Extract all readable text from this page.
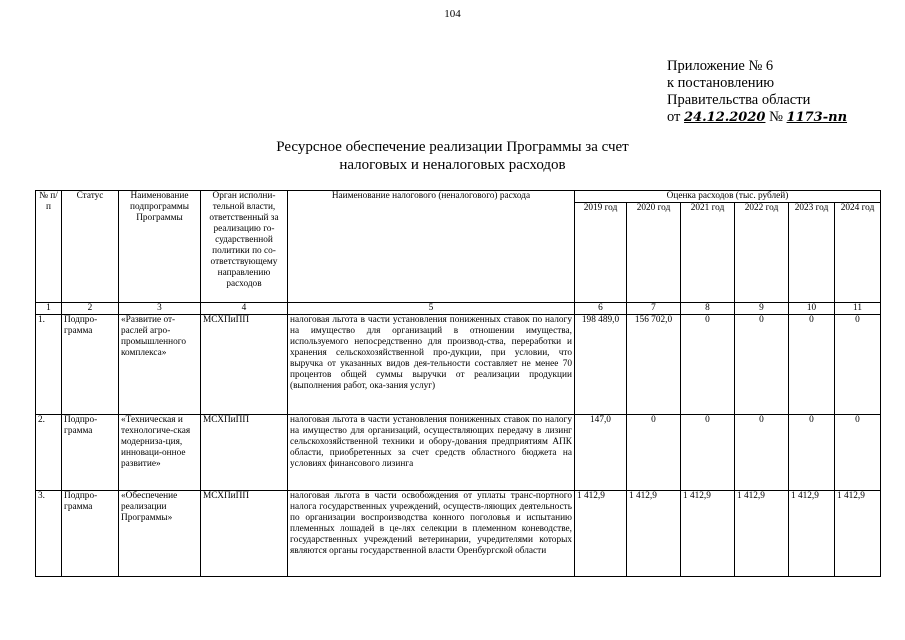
104
Приложение № 6
к постановлению
Правительства области
от 24.12.2020 № 1173-пп
Ресурсное обеспечение реализации Программы за счет
налоговых и неналоговых расходов
№ п/п	Статус	Наименование подпрограммы Программы	Орган исполни-тельной власти, ответственный за реализацию го-сударственной политики по со-ответствующему направлению расходов	Наименование налогового (неналогового) расхода	Оценка расходов (тыс. рублей)					
					2019 год	2020 год	2021 год	2022 год	2023 год	2024 год
1	2	3	4	5	6	7	8	9	10	11
1.	Подпро-грамма	«Развитие от-раслей агро-промышленного комплекса»	МСХПиПП	налоговая льгота в части установления пониженных ставок по налогу на имущество для организаций в отношении имущества, используемого непосредственно для производ-ства, переработки и хранения сельскохозяйственной про-дукции, при условии, что выручка от указанных видов дея-тельности составляет не менее 70 процентов общей суммы выручки от реализации продукции (выполнения работ, ока-зания услуг)	198 489,0	156 702,0	0	0	0	0
2.	Подпро-грамма	«Техническая и технологиче-ская модерниза-ция, инноваци-онное развитие»	МСХПиПП	налоговая льгота в части установления пониженных ставок по налогу на имущество для организаций, осуществляющих передачу в лизинг сельскохозяйственной техники и обору-дования предприятиям АПК области, приобретенных за счет средств областного бюджета на условиях финансового лизинга	147,0	0	0	0	0	0
3.	Подпро-грамма	«Обеспечение реализации Программы»	МСХПиПП	налоговая льгота в части освобождения от уплаты транс-портного налога государственных учреждений, осуществ-ляющих деятельность по организации воспроизводства конного поголовья и испытанию племенных лошадей в це-лях селекции в племенном коневодстве, государственных учреждений ветеринарии, учредителями которых являются органы государственной власти Оренбургской области	1 412,9	1 412,9	1 412,9	1 412,9	1 412,9	1 412,9
